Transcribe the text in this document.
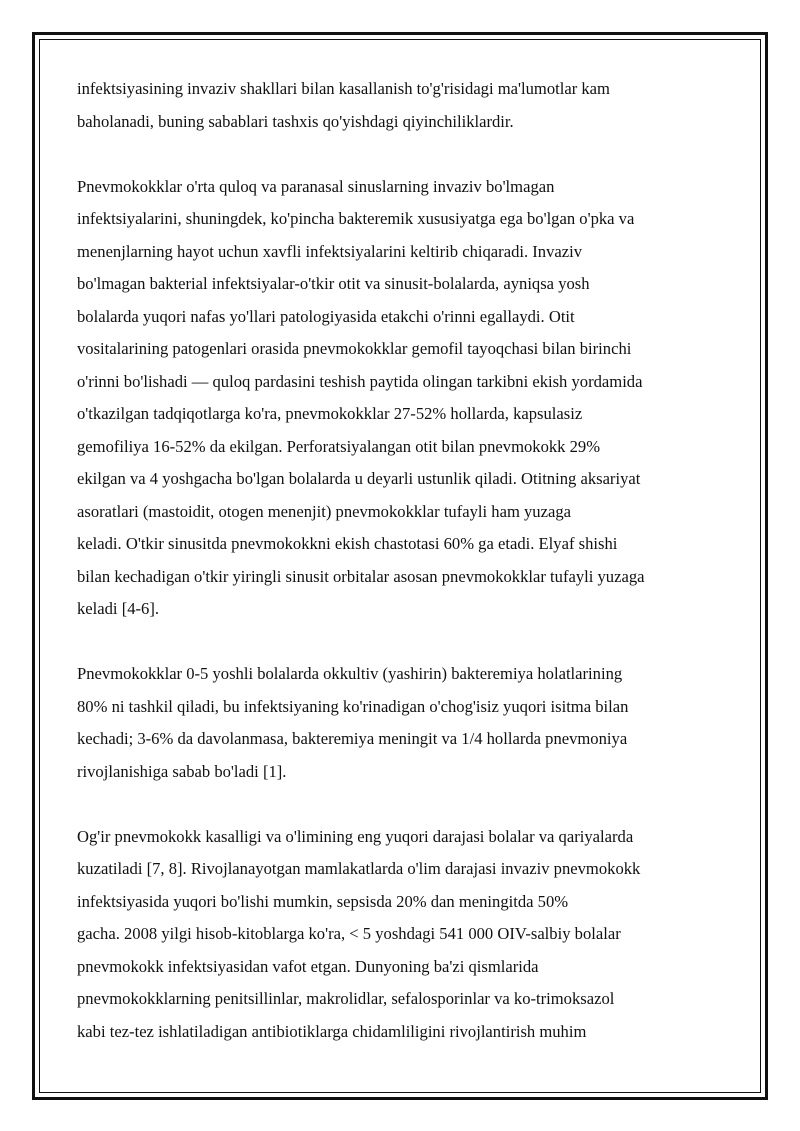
infektsiyasining invaziv shakllari bilan kasallanish to'g'risidagi ma'lumotlar kam
baholanadi, buning sabablari tashxis qo'yishdagi qiyinchiliklardir.
Pnevmokokklar o'rta quloq va paranasal sinuslarning invaziv bo'lmagan
infektsiyalarini, shuningdek, ko'pincha bakteremik xususiyatga ega bo'lgan o'pka va
menenjlarning hayot uchun xavfli infektsiyalarini keltirib chiqaradi. Invaziv
bo'lmagan bakterial infektsiyalar-o'tkir otit va sinusit-bolalarda, ayniqsa yosh
bolalarda yuqori nafas yo'llari patologiyasida etakchi o'rinni egallaydi. Otit
vositalarining patogenlari orasida pnevmokokklar gemofil tayoqchasi bilan birinchi
o'rinni bo'lishadi — quloq pardasini teshish paytida olingan tarkibni ekish yordamida
o'tkazilgan tadqiqotlarga ko'ra, pnevmokokklar 27-52% hollarda, kapsulasiz
gemofiliya 16-52% da ekilgan. Perforatsiyalangan otit bilan pnevmokokk 29%
ekilgan va 4 yoshgacha bo'lgan bolalarda u deyarli ustunlik qiladi. Otitning aksariyat
asoratlari (mastoidit, otogen menenjit) pnevmokokklar tufayli ham yuzaga
keladi. O'tkir sinusitda pnevmokokkni ekish chastotasi 60% ga etadi. Elyaf shishi
bilan kechadigan o'tkir yiringli sinusit orbitalar asosan pnevmokokklar tufayli yuzaga
keladi [4-6].
Pnevmokokklar 0-5 yoshli bolalarda okkultiv (yashirin) bakteremiya holatlarining
80% ni tashkil qiladi, bu infektsiyaning ko'rinadigan o'chog'isiz yuqori isitma bilan
kechadi; 3-6% da davolanmasa, bakteremiya meningit va 1/4 hollarda pnevmoniya
rivojlanishiga sabab bo'ladi [1].
Og'ir pnevmokokk kasalligi va o'limining eng yuqori darajasi bolalar va qariyalarda
kuzatiladi [7, 8]. Rivojlanayotgan mamlakatlarda o'lim darajasi invaziv pnevmokokk
infektsiyasida yuqori bo'lishi mumkin, sepsisda 20% dan meningitda 50%
gacha. 2008 yilgi hisob-kitoblarga ko'ra, < 5 yoshdagi 541 000 OIV-salbiy bolalar
pnevmokokk infektsiyasidan vafot etgan. Dunyoning ba'zi qismlarida
pnevmokokklarning penitsillinlar, makrolidlar, sefalosporinlar va ko-trimoksazol
kabi tez-tez ishlatiladigan antibiotiklarga chidamliligini rivojlantirish muhim
